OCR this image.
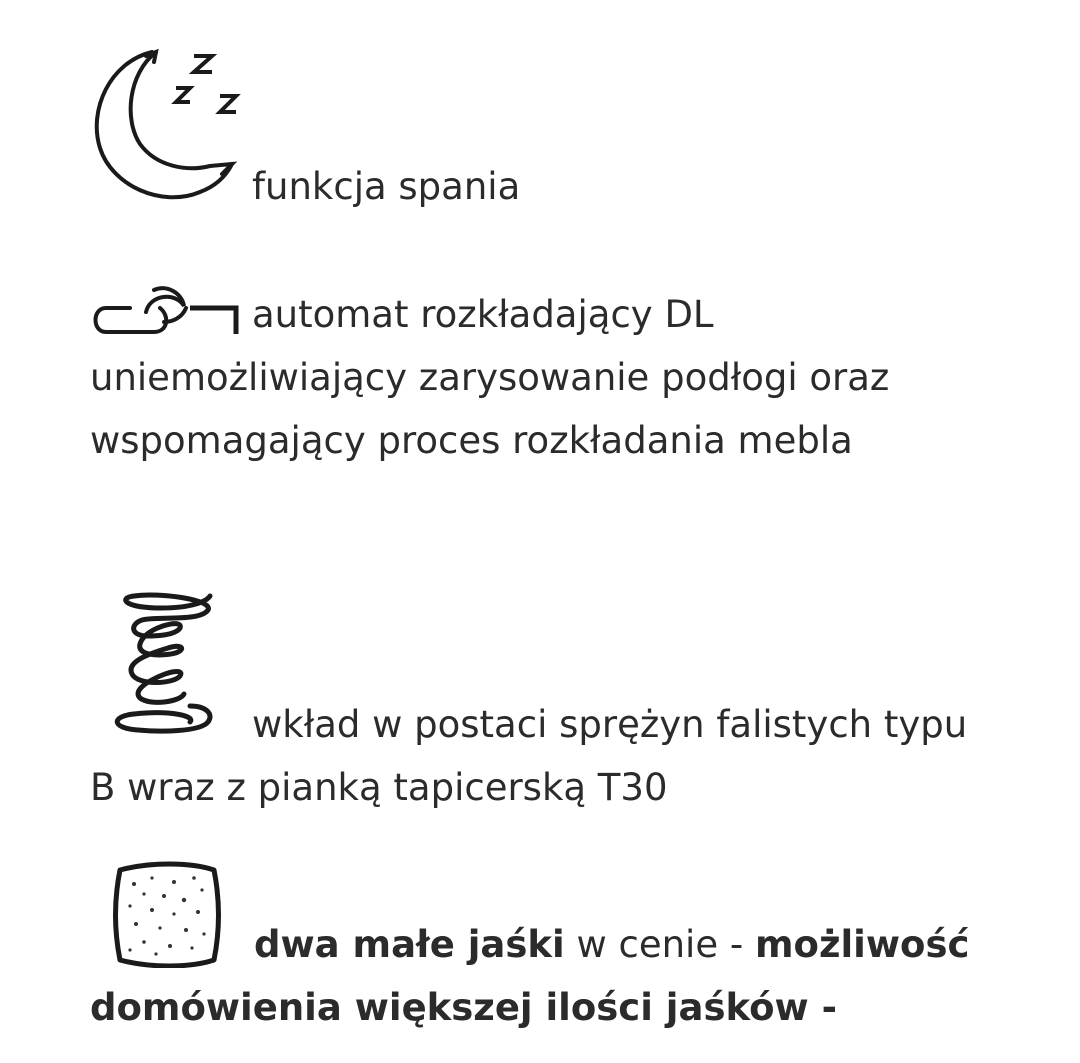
funkcja spania
automat rozkładający DL uniemożliwiający zarysowanie podłogi oraz wspomagający proces rozkładania mebla
wkład w postaci sprężyn falistych typu B wraz z pianką tapicerską T30
dwa małe jaśki w cenie - możliwość domówienia większej ilości jaśków -
